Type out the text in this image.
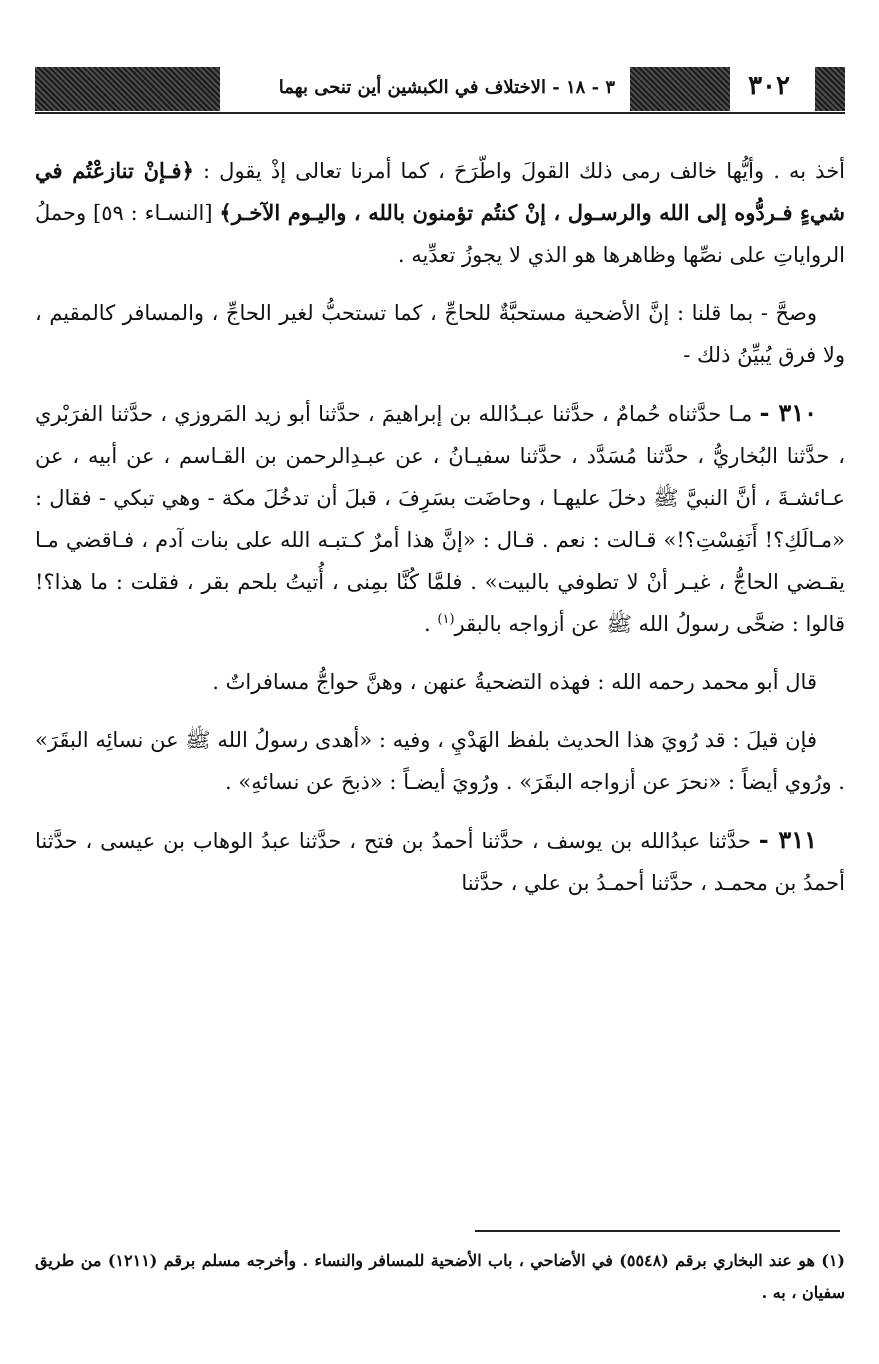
٣٠٢
٣ - ١٨ - الاختلاف في الكبشين أين تنحى بهما

أخذ به . وأيُّها خالف رمى ذلك القولَ واطّرَحَ ، كما أمرنا تعالى إذْ يقول : ﴿فـإنْ تنازعْتُم في شيءٍ فـردُّوه إلى الله والرسـول ، إنْ كنتُم تؤمنون بالله ، واليـوم الآخـر﴾ [النسـاء : ٥٩] وحملُ الرواياتِ على نصِّها وظاهرها هو الذي لا يجوزُ تعدِّيه .

وصحَّ - بما قلنا : إنَّ الأضحية مستحبَّةٌ للحاجِّ ، كما تستحبُّ لغير الحاجِّ ، والمسافر كالمقيم ، ولا فرق يُبيِّنُ ذلك -

٣١٠ - مـا حدَّثناه حُمامٌ ، حدَّثنا عبـدُالله بن إبراهيمَ ، حدَّثنا أبو زيد المَروزي ، حدَّثنا الفرَبْري ، حدَّثنا البُخاريُّ ، حدَّثنا مُسَدَّد ، حدَّثنا سفيـانُ ، عن عبـدِالرحمن بن القـاسم ، عن أبيه ، عن عـائشـةَ ، أنَّ النبيَّ ﷺ دخلَ عليهـا ، وحاضَت بسَرِفَ ، قبلَ أن تدخُلَ مكة - وهي تبكي - فقال : «مـالَكِ؟! أَنَفِسْتِ؟!» قـالت : نعم . قـال : «إنَّ هذا أمرٌ كـتبـه الله على بنات آدم ، فـاقضي مـا يقـضي الحاجُّ ، غيـر أنْ لا تطوفي بالبيت» . فلمَّا كُنَّا بمِنى ، أُتيتُ بلحم بقر ، فقلت : ما هذا؟! قالوا : ضحَّى رسولُ الله ﷺ عن أزواجه بالبقر$^{(١)}$ .

قال أبو محمد رحمه الله : فهذه التضحيةُ عنهن ، وهنَّ حواجُّ مسافراتٌ .

فإن قيلَ : قد رُويَ هذا الحديث بلفظ الهَدْيِ ، وفيه : «أهدى رسولُ الله ﷺ عن نسائِه البقَرَ» . ورُوي أيضاً : «نحرَ عن أزواجه البقَرَ» . ورُويَ أيضـاً : «ذبحَ عن نسائهِ» .

٣١١ - حدَّثنا عبدُالله بن يوسف ، حدَّثنا أحمدُ بن فتح ، حدَّثنا عبدُ الوهاب بن عيسى ، حدَّثنا أحمدُ بن محمـد ، حدَّثنا أحمـدُ بن علي ، حدَّثنا

(١) هو عند البخاري برقم (٥٥٤٨) في الأضاحي ، باب الأضحية للمسافر والنساء . وأخرجه مسلم برقم (١٢١١) من طريق سفيان ، به .
